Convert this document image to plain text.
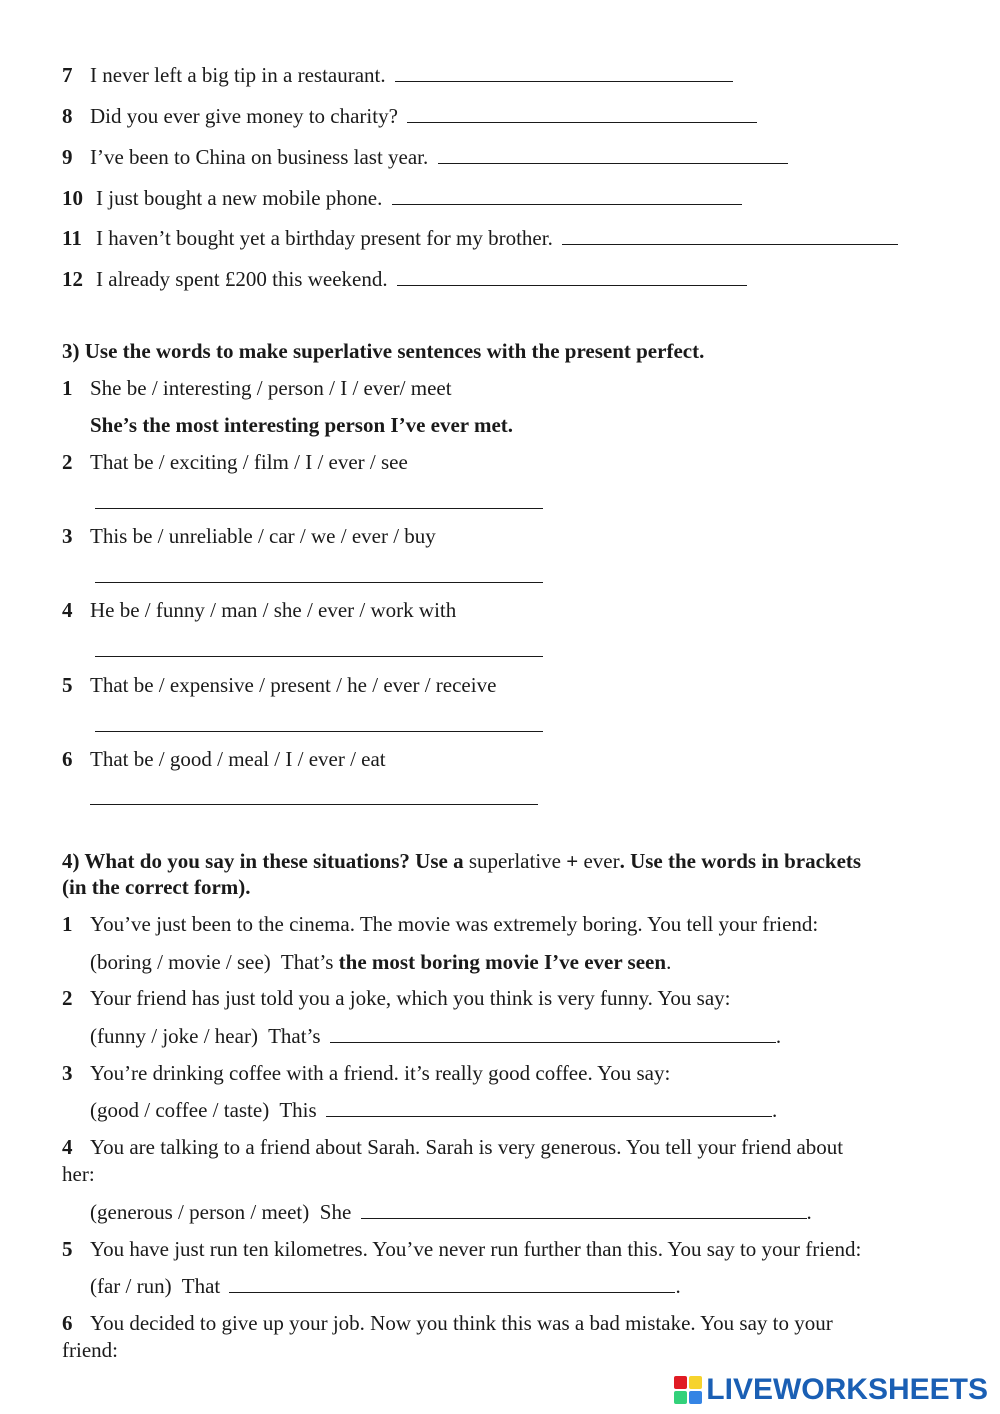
7 I never left a big tip in a restaurant.
8 Did you ever give money to charity?
9 I’ve been to China on business last year.
10 I just bought a new mobile phone.
11 I haven’t bought yet a birthday present for my brother.
12 I already spent £200 this weekend.
3) Use the words to make superlative sentences with the present perfect.
1 She be / interesting / person / I / ever/ meet
She’s the most interesting person I’ve ever met.
2 That be / exciting / film / I / ever / see
3 This be / unreliable / car / we / ever / buy
4 He be / funny / man / she / ever / work with
5 That be / expensive / present / he / ever / receive
6 That be / good / meal / I / ever / eat
4) What do you say in these situations? Use a superlative + ever. Use the words in brackets
(in the correct form).
1 You’ve just been to the cinema. The movie was extremely boring. You tell your friend:
(boring / movie / see) That’s the most boring movie I’ve ever seen.
2 Your friend has just told you a joke, which you think is very funny. You say:
(funny / joke / hear) That’s	.
3 You’re drinking coffee with a friend. it’s really good coffee. You say:
(good / coffee / taste) This	.
4 You are talking to a friend about Sarah. Sarah is very generous. You tell your friend about
her:
(generous / person / meet) She	.
5 You have just run ten kilometres. You’ve never run further than this. You say to your friend:
(far / run) That	.
6 You decided to give up your job. Now you think this was a bad mistake. You say to your
friend:
LIVEWORKSHEETS
